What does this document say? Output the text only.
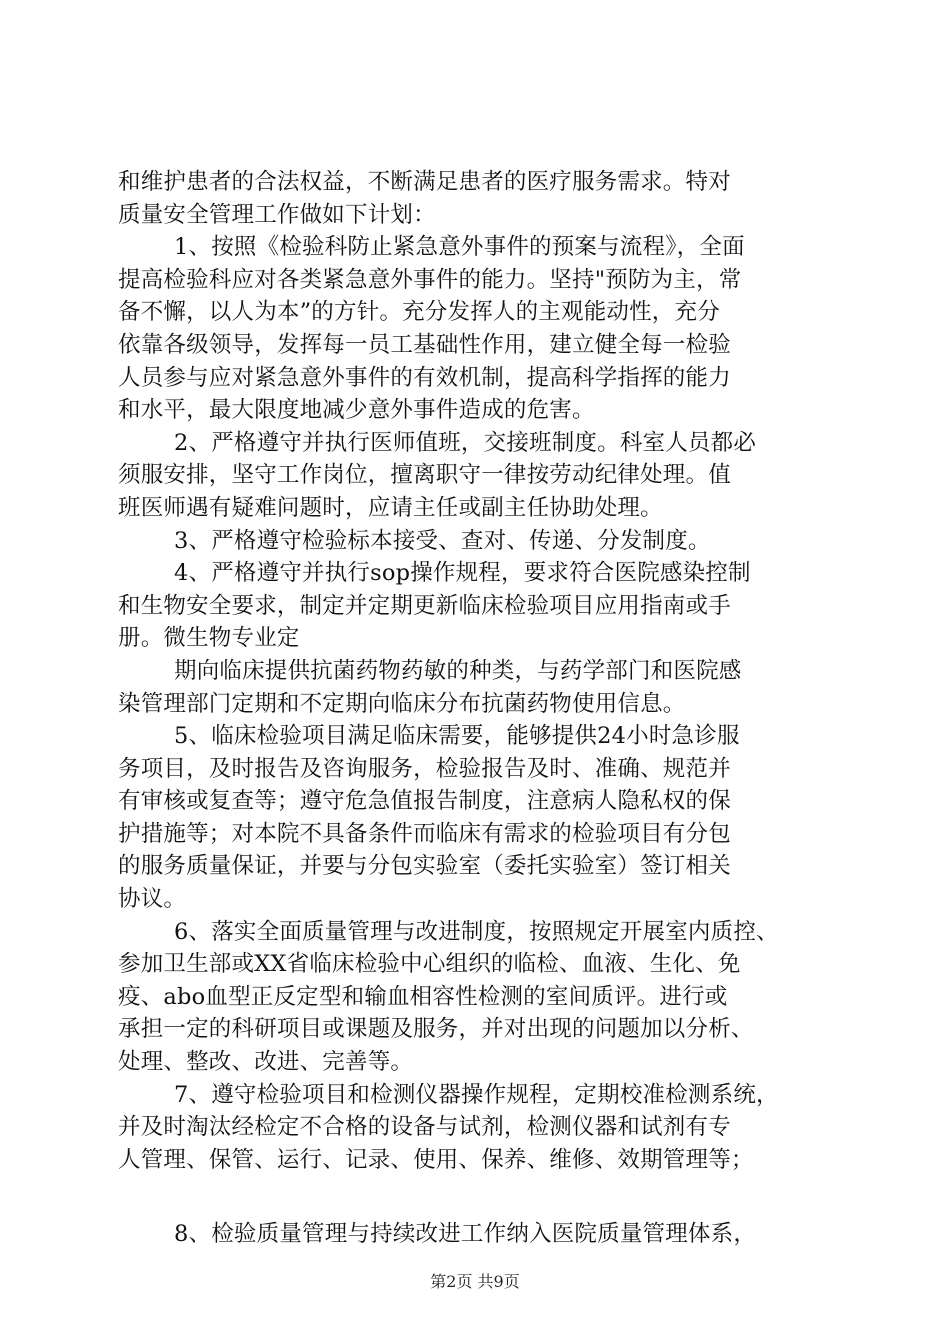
和维护患者的合法权益，不断满足患者的医疗服务需求。特对
质量安全管理工作做如下计划：
1、按照《检验科防止紧急意外事件的预案与流程》，全面
提高检验科应对各类紧急意外事件的能力。坚持"预防为主，常
备不懈，以人为本”的方针。充分发挥人的主观能动性，充分
依靠各级领导，发挥每一员工基础性作用，建立健全每一检验
人员参与应对紧急意外事件的有效机制，提高科学指挥的能力
和水平，最大限度地减少意外事件造成的危害。
2、严格遵守并执行医师值班，交接班制度。科室人员都必
须服安排，坚守工作岗位，擅离职守一律按劳动纪律处理。值
班医师遇有疑难问题时，应请主任或副主任协助处理。
3、严格遵守检验标本接受、查对、传递、分发制度。
4、严格遵守并执行sop操作规程，要求符合医院感染控制
和生物安全要求，制定并定期更新临床检验项目应用指南或手
册。微生物专业定
期向临床提供抗菌药物药敏的种类，与药学部门和医院感
染管理部门定期和不定期向临床分布抗菌药物使用信息。
5、临床检验项目满足临床需要，能够提供24小时急诊服
务项目，及时报告及咨询服务，检验报告及时、准确、规范并
有审核或复查等；遵守危急值报告制度，注意病人隐私权的保
护措施等；对本院不具备条件而临床有需求的检验项目有分包
的服务质量保证，并要与分包实验室（委托实验室）签订相关
协议。
6、落实全面质量管理与改进制度，按照规定开展室内质控、
参加卫生部或XX省临床检验中心组织的临检、血液、生化、免
疫、abo血型正反定型和输血相容性检测的室间质评。进行或
承担一定的科研项目或课题及服务，并对出现的问题加以分析、
处理、整改、改进、完善等。
7、遵守检验项目和检测仪器操作规程，定期校准检测系统，
并及时淘汰经检定不合格的设备与试剂，检测仪器和试剂有专
人管理、保管、运行、记录、使用、保养、维修、效期管理等；
8、检验质量管理与持续改进工作纳入医院质量管理体系，
第2页 共9页
